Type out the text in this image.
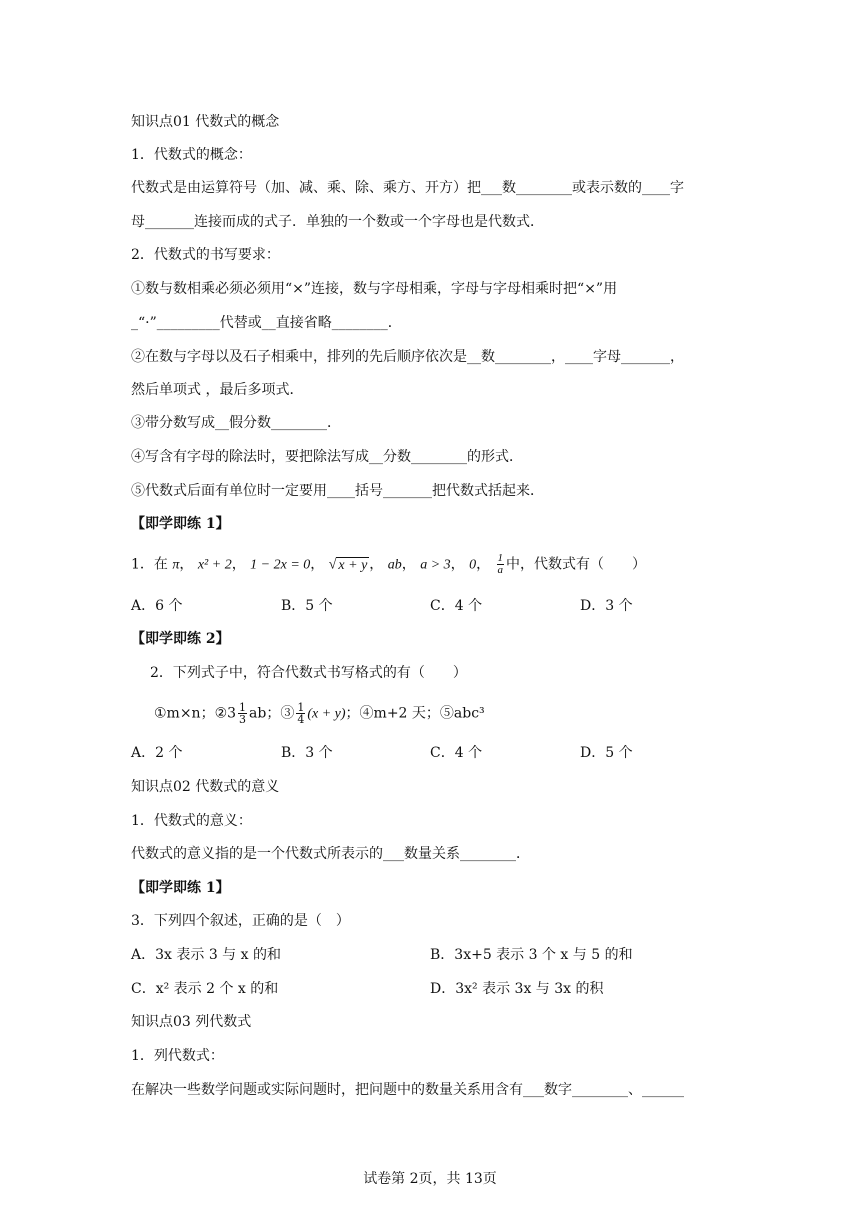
知识点01 代数式的概念
1．代数式的概念：
代数式是由运算符号（加、减、乘、除、乘方、开方）把___数________或表示数的____字
母_______连接而成的式子．单独的一个数或一个字母也是代数式．
2．代数式的书写要求：
①数与数相乘必须必须用“×”连接，数与字母相乘，字母与字母相乘时把“×”用
_“·”_________代替或__直接省略________．
②在数与字母以及石子相乘中，排列的先后顺序依次是__数________，____字母_______，
然后单项式 ，最后多项式．
③带分数写成__假分数________．
④写含有字母的除法时，要把除法写成__分数________的形式．
⑤代数式后面有单位时一定要用____括号_______把代数式括起来．
【即学即练 1】
1．在 π， x² + 2， 1 − 2x = 0， √ x + y ， ab， a > 3， 0， $\frac{1}{a}$ 中，代数式有（　　）
A．6 个	B．5 个	C．4 个	D．3 个
【即学即练 2】
2．下列式子中，符合代数式书写格式的有（　　）
①m×n；②3 $\frac{1}{3}$ ab；③ $\frac{1}{4} (x + y)$；④m+2 天；⑤abc³
A．2 个	B．3 个	C．4 个	D．5 个
知识点02 代数式的意义
1．代数式的意义：
代数式的意义指的是一个代数式所表示的___数量关系________．
【即学即练 1】
3．下列四个叙述，正确的是（　）
A．3x 表示 3 与 x 的和	B．3x+5 表示 3 个 x 与 5 的和
C．x² 表示 2 个 x 的和	D．3x² 表示 3x 与 3x 的积
知识点03 列代数式
1．列代数式：
在解决一些数学问题或实际问题时，把问题中的数量关系用含有___数字________、______
试卷第 2页，共 13页
